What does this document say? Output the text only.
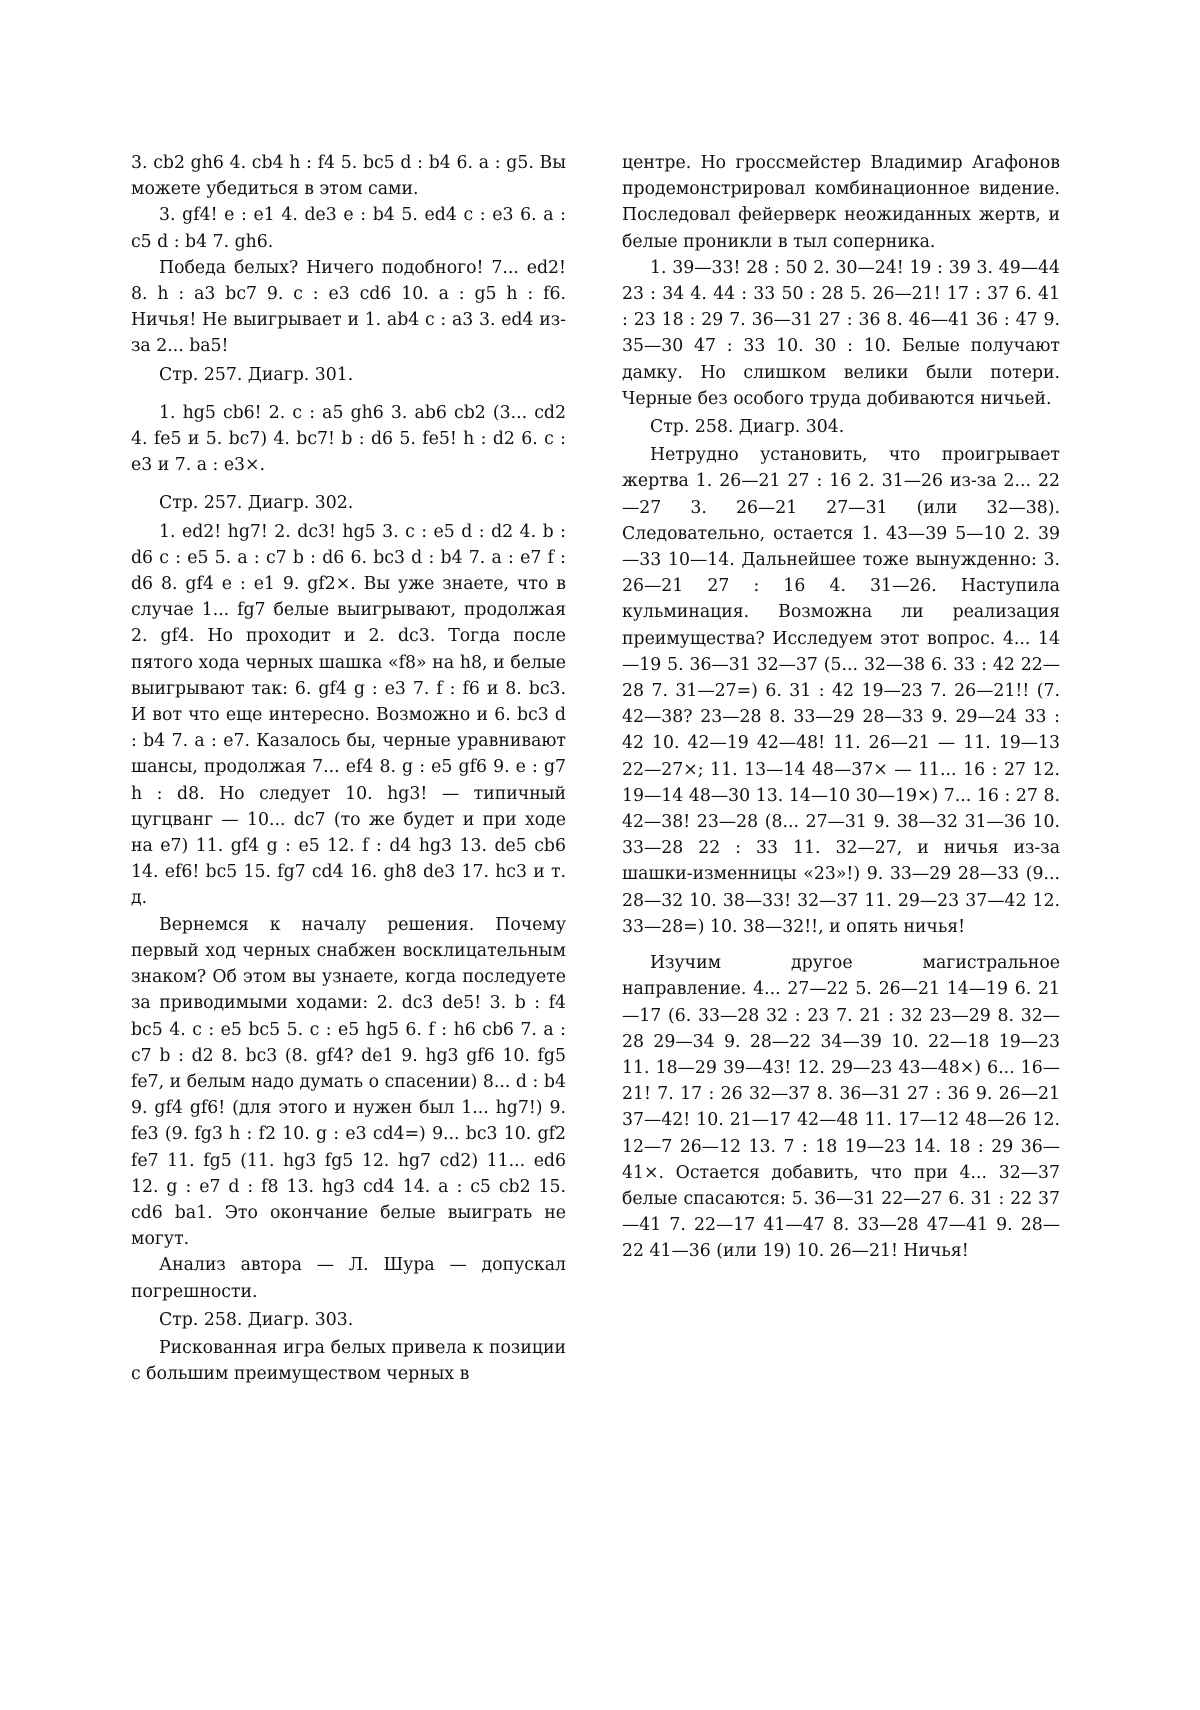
3. cb2 gh6 4. cb4 h : f4 5. bc5 d : b4 6. a : g5. Вы можете убедиться в этом сами.

3. gf4! e : e1 4. de3 e : b4 5. ed4 c : e3 6. a : c5 d : b4 7. gh6.

Победа белых? Ничего подобного! 7... ed2! 8. h : a3 bc7 9. c : e3 cd6 10. a : g5 h : f6. Ничья! Не выигрывает и 1. ab4 c : a3 3. ed4 из-за 2... ba5!

Стр. 257. Диагр. 301.

1. hg5 cb6! 2. c : a5 gh6 3. ab6 cb2 (3... cd2 4. fe5 и 5. bc7) 4. bc7! b : d6 5. fe5! h : d2 6. c : e3 и 7. a : e3×.

Стр. 257. Диагр. 302.

1. ed2! hg7! 2. dc3! hg5 3. c : e5 d : d2 4. b : d6 c : e5 5. a : c7 b : d6 6. bc3 d : b4 7. a : e7 f : d6 8. gf4 e : e1 9. gf2×. Вы уже знаете, что в случае 1... fg7 белые выигрывают, продолжая 2. gf4. Но проходит и 2. dc3. Тогда после пятого хода черных шашка «f8» на h8, и белые выигрывают так: 6. gf4 g : e3 7. f : f6 и 8. bc3. И вот что еще интересно. Возможно и 6. bc3 d : b4 7. a : e7. Казалось бы, черные уравнивают шансы, продолжая 7... ef4 8. g : e5 gf6 9. e : g7 h : d8. Но следует 10. hg3! — типичный цугцванг — 10... dc7 (то же будет и при ходе на e7) 11. gf4 g : e5 12. f : d4 hg3 13. de5 cb6 14. ef6! bc5 15. fg7 cd4 16. gh8 de3 17. hc3 и т. д.

Вернемся к началу решения. Почему первый ход черных снабжен восклицательным знаком? Об этом вы узнаете, когда последуете за приводимыми ходами: 2. dc3 de5! 3. b : f4 bc5 4. c : e5 bc5 5. c : e5 hg5 6. f : h6 cb6 7. a : c7 b : d2 8. bc3 (8. gf4? de1 9. hg3 gf6 10. fg5 fe7, и белым надо думать о спасении) 8... d : b4 9. gf4 gf6! (для этого и нужен был 1... hg7!) 9. fe3 (9. fg3 h : f2 10. g : e3 cd4=) 9... bc3 10. gf2 fe7 11. fg5 (11. hg3 fg5 12. hg7 cd2) 11... ed6 12. g : e7 d : f8 13. hg3 cd4 14. a : c5 cb2 15. cd6 ba1. Это окончание белые выиграть не могут.

Анализ автора — Л. Шура — допускал погрешности.

Стр. 258. Диагр. 303.

Рискованная игра белых привела к позиции с большим преимуществом черных в

центре. Но гроссмейстер Владимир Агафонов продемонстрировал комбинационное видение. Последовал фейерверк неожиданных жертв, и белые проникли в тыл соперника.

1. 39—33! 28 : 50 2. 30—24! 19 : 39 3. 49—44 23 : 34 4. 44 : 33 50 : 28 5. 26—21! 17 : 37 6. 41 : 23 18 : 29 7. 36—31 27 : 36 8. 46—41 36 : 47 9. 35—30 47 : 33 10. 30 : 10. Белые получают дамку. Но слишком велики были потери. Черные без особого труда добиваются ничьей.

Стр. 258. Диагр. 304.

Нетрудно установить, что проигрывает жертва 1. 26—21 27 : 16 2. 31—26 из-за 2... 22—27 3. 26—21 27—31 (или 32—38). Следовательно, остается 1. 43—39 5—10 2. 39—33 10—14. Дальнейшее тоже вынужденно: 3. 26—21 27 : 16 4. 31—26. Наступила кульминация. Возможна ли реализация преимущества? Исследуем этот вопрос. 4... 14—19 5. 36—31 32—37 (5... 32—38 6. 33 : 42 22—28 7. 31—27=) 6. 31 : 42 19—23 7. 26—21!! (7. 42—38? 23—28 8. 33—29 28—33 9. 29—24 33 : 42 10. 42—19 42—48! 11. 26—21 — 11. 19—13 22—27×; 11. 13—14 48—37× — 11... 16 : 27 12. 19—14 48—30 13. 14—10 30—19×) 7... 16 : 27 8. 42—38! 23—28 (8... 27—31 9. 38—32 31—36 10. 33—28 22 : 33 11. 32—27, и ничья из-за шашки-изменницы «23»!) 9. 33—29 28—33 (9... 28—32 10. 38—33! 32—37 11. 29—23 37—42 12. 33—28=) 10. 38—32!!, и опять ничья!

Изучим другое магистральное направление. 4... 27—22 5. 26—21 14—19 6. 21—17 (6. 33—28 32 : 23 7. 21 : 32 23—29 8. 32—28 29—34 9. 28—22 34—39 10. 22—18 19—23 11. 18—29 39—43! 12. 29—23 43—48×) 6... 16—21! 7. 17 : 26 32—37 8. 36—31 27 : 36 9. 26—21 37—42! 10. 21—17 42—48 11. 17—12 48—26 12. 12—7 26—12 13. 7 : 18 19—23 14. 18 : 29 36—41×. Остается добавить, что при 4... 32—37 белые спасаются: 5. 36—31 22—27 6. 31 : 22 37—41 7. 22—17 41—47 8. 33—28 47—41 9. 28—22 41—36 (или 19) 10. 26—21! Ничья!
